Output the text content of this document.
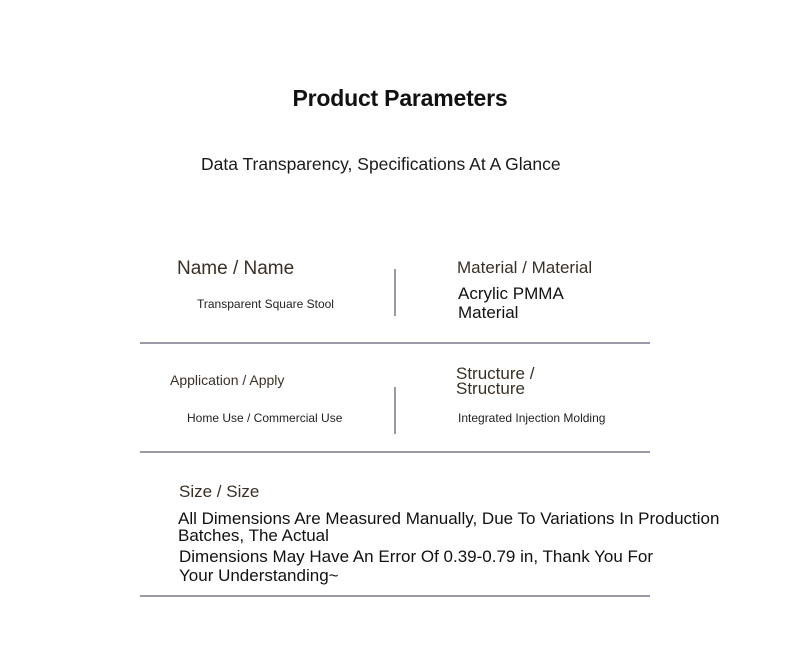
Product Parameters
Data Transparency, Specifications At A Glance
Name / Name
Transparent Square Stool
Material / Material
Acrylic PMMA
Material
Application / Apply
Home Use / Commercial Use
Structure /
Structure
Integrated Injection Molding
Size / Size
All Dimensions Are Measured Manually, Due To Variations In Production
Batches, The Actual
Dimensions May Have An Error Of 0.39-0.79 in, Thank You For
Your Understanding~
